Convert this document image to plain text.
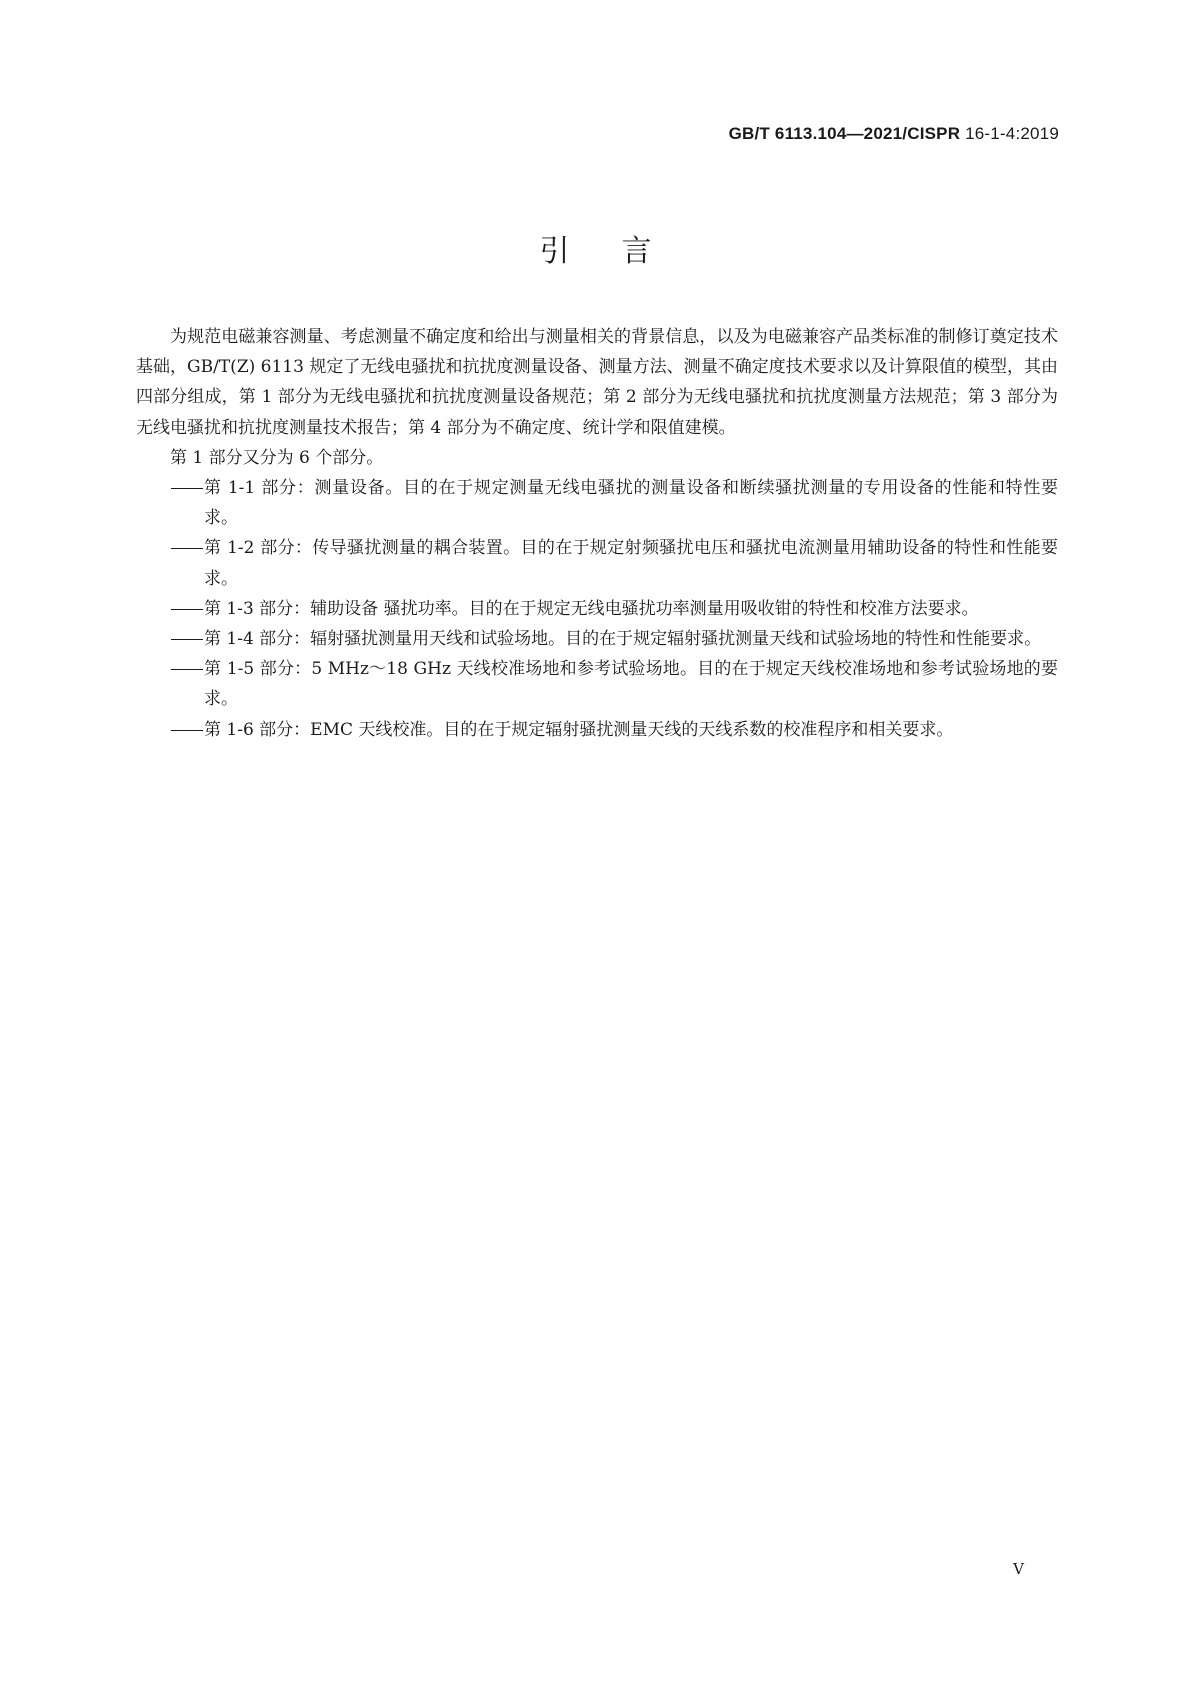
GB/T 6113.104—2021/CISPR 16-1-4:2019
引言

为规范电磁兼容测量、考虑测量不确定度和给出与测量相关的背景信息，以及为电磁兼容产品类标准的制修订奠定技术基础，GB/T(Z) 6113 规定了无线电骚扰和抗扰度测量设备、测量方法、测量不确定度技术要求以及计算限值的模型，其由四部分组成，第 1 部分为无线电骚扰和抗扰度测量设备规范；第 2 部分为无线电骚扰和抗扰度测量方法规范；第 3 部分为无线电骚扰和抗扰度测量技术报告；第 4 部分为不确定度、统计学和限值建模。

第 1 部分又分为 6 个部分。

第 1-1 部分：测量设备。目的在于规定测量无线电骚扰的测量设备和断续骚扰测量的专用设备的性能和特性要求。
第 1-2 部分：传导骚扰测量的耦合装置。目的在于规定射频骚扰电压和骚扰电流测量用辅助设备的特性和性能要求。
第 1-3 部分：辅助设备 骚扰功率。目的在于规定无线电骚扰功率测量用吸收钳的特性和校准方法要求。
第 1-4 部分：辐射骚扰测量用天线和试验场地。目的在于规定辐射骚扰测量天线和试验场地的特性和性能要求。
第 1-5 部分：5 MHz～18 GHz 天线校准场地和参考试验场地。目的在于规定天线校准场地和参考试验场地的要求。
第 1-6 部分：EMC 天线校准。目的在于规定辐射骚扰测量天线的天线系数的校准程序和相关要求。
V
